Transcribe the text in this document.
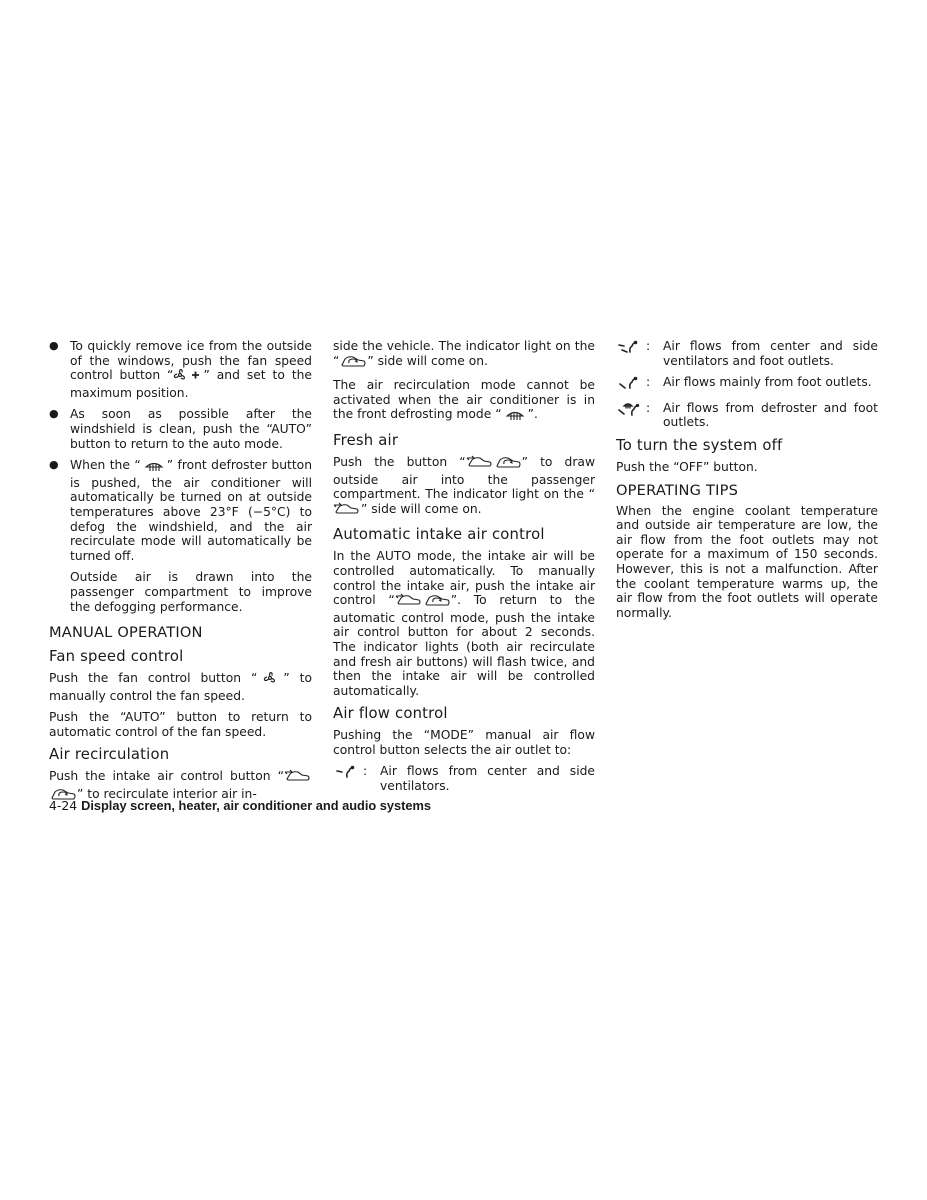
● To quickly remove ice from the outside of the windows, push the fan speed control button “ ” and set to the maximum position.
● As soon as possible after the windshield is clean, push the “AUTO” button to return to the auto mode.
● When the “ ” front defroster button is pushed, the air conditioner will automatically be turned on at outside temperatures above 23°F (−5°C) to defog the windshield, and the air recirculate mode will automatically be turned off.

Outside air is drawn into the passenger compartment to improve the defogging performance.

MANUAL OPERATION
Fan speed control

Push the fan control button “ ” to manually control the fan speed.

Push the “AUTO” button to return to automatic control of the fan speed.

Air recirculation

Push the intake air control button “” to recirculate interior air in-

side the vehicle. The indicator light on the “ ” side will come on.

The air recirculation mode cannot be activated when the air conditioner is in the front defrosting mode “ ”.

Fresh air

Push the button “	” to draw outside air into the passenger compartment. The indicator light on the “” side will come on.

Automatic intake air control

In the AUTO mode, the intake air will be controlled automatically. To manually control the intake air, push the intake air control “	”. To return to the automatic control mode, push the intake air control button for about 2 seconds. The indicator lights (both air recirculate and fresh air buttons) will flash twice, and then the intake air will be controlled automatically.

Air flow control

Pushing the “MODE” manual air flow control button selects the air outlet to:

:	Air flows from center and side ventilators.
:	Air flows from center and side ventilators and foot outlets.
:	Air flows mainly from foot outlets.
:	Air flows from defroster and foot outlets.
To turn the system off

Push the “OFF” button.

OPERATING TIPS

When the engine coolant temperature and outside air temperature are low, the air flow from the foot outlets may not operate for a maximum of 150 seconds. However, this is not a malfunction. After the coolant temperature warms up, the air flow from the foot outlets will operate normally.

4-24 Display screen, heater, air conditioner and audio systems
